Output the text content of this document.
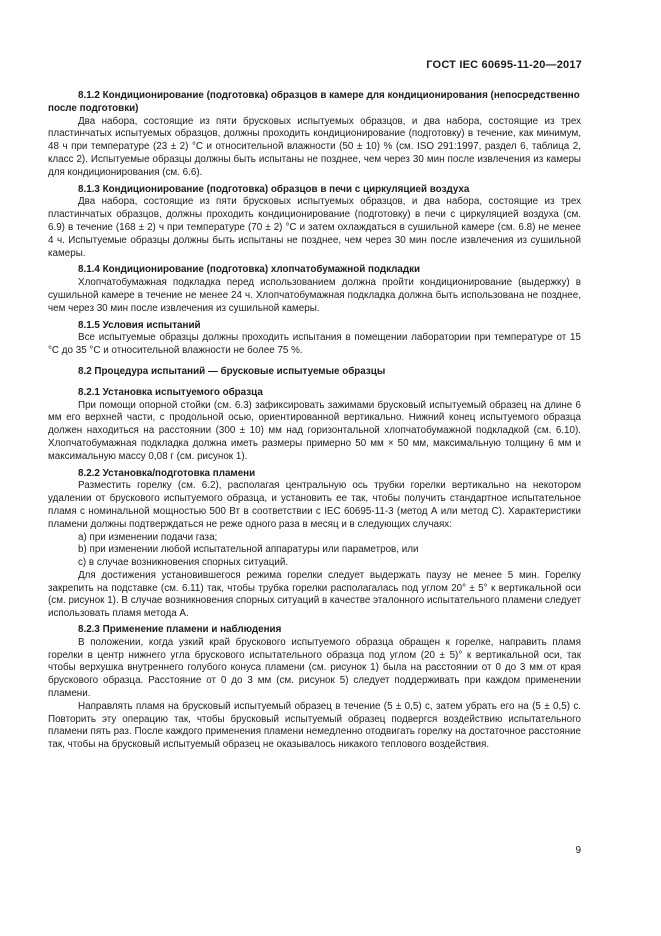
ГОСТ IEC 60695-11-20—2017

8.1.2 Кондиционирование (подготовка) образцов в камере для кондиционирования (непосредственно после подготовки)

Два набора, состоящие из пяти брусковых испытуемых образцов, и два набора, состоящие из трех пластинчатых испытуемых образцов, должны проходить кондиционирование (подготовку) в течение, как минимум, 48 ч при температуре (23 ± 2) °С и относительной влажности (50 ± 10) % (см. ISO 291:1997, раздел 6, таблица 2, класс 2). Испытуемые образцы должны быть испытаны не позднее, чем через 30 мин после извлечения из камеры для кондиционирования (см. 6.6).

8.1.3 Кондиционирование (подготовка) образцов в печи с циркуляцией воздуха

Два набора, состоящие из пяти брусковых испытуемых образцов, и два набора, состоящие из трех пластинчатых образцов, должны проходить кондиционирование (подготовку) в печи с циркуляцией воздуха (см. 6.9) в течение (168 ± 2) ч при температуре (70 ± 2) °С и затем охлаждаться в сушильной камере (см. 6.8) не менее 4 ч. Испытуемые образцы должны быть испытаны не позднее, чем через 30 мин после извлечения из сушильной камеры.

8.1.4 Кондиционирование (подготовка) хлопчатобумажной подкладки

Хлопчатобумажная подкладка перед использованием должна пройти кондиционирование (выдержку) в сушильной камере в течение не менее 24 ч. Хлопчатобумажная подкладка должна быть использована не позднее, чем через 30 мин после извлечения из сушильной камеры.

8.1.5 Условия испытаний

Все испытуемые образцы должны проходить испытания в помещении лаборатории при температуре от 15 °С до 35 °С и относительной влажности не более 75 %.

8.2 Процедура испытаний — брусковые испытуемые образцы

8.2.1 Установка испытуемого образца

При помощи опорной стойки (см. 6.3) зафиксировать зажимами брусковый испытуемый образец на длине 6 мм его верхней части, с продольной осью, ориентированной вертикально. Нижний конец испытуемого образца должен находиться на расстоянии (300 ± 10) мм над горизонтальной хлопчатобумажной подкладкой (см. 6.10). Хлопчатобумажная подкладка должна иметь размеры примерно 50 мм × 50 мм, максимальную толщину 6 мм и максимальную массу 0,08 г (см. рисунок 1).

8.2.2 Установка/подготовка пламени

Разместить горелку (см. 6.2), располагая центральную ось трубки горелки вертикально на некотором удалении от брускового испытуемого образца, и установить ее так, чтобы получить стандартное испытательное пламя с номинальной мощностью 500 Вт в соответствии с IEC 60695-11-3 (метод А или метод С). Характеристики пламени должны подтверждаться не реже одного раза в месяц и в следующих случаях:

а) при изменении подачи газа;

b) при изменении любой испытательной аппаратуры или параметров, или

с) в случае возникновения спорных ситуаций.

Для достижения установившегося режима горелки следует выдержать паузу не менее 5 мин. Горелку закрепить на подставке (см. 6.11) так, чтобы трубка горелки располагалась под углом 20° ± 5° к вертикальной оси (см. рисунок 1). В случае возникновения спорных ситуаций в качестве эталонного испытательного пламени следует использовать пламя метода А.

8.2.3 Применение пламени и наблюдения

В положении, когда узкий край брускового испытуемого образца обращен к горелке, направить пламя горелки в центр нижнего угла брускового испытательного образца под углом (20 ± 5)° к вертикальной оси, так чтобы верхушка внутреннего голубого конуса пламени (см. рисунок 1) была на расстоянии от 0 до 3 мм от края брускового образца. Расстояние от 0 до 3 мм (см. рисунок 5) следует поддерживать при каждом применении пламени.

Направлять пламя на брусковый испытуемый образец в течение (5 ± 0,5) с, затем убрать его на (5 ± 0,5) с. Повторить эту операцию так, чтобы брусковый испытуемый образец подвергся воздействию испытательного пламени пять раз. После каждого применения пламени немедленно отодвигать горелку на достаточное расстояние так, чтобы на брусковый испытуемый образец не оказывалось никакого теплового воздействия.

9
